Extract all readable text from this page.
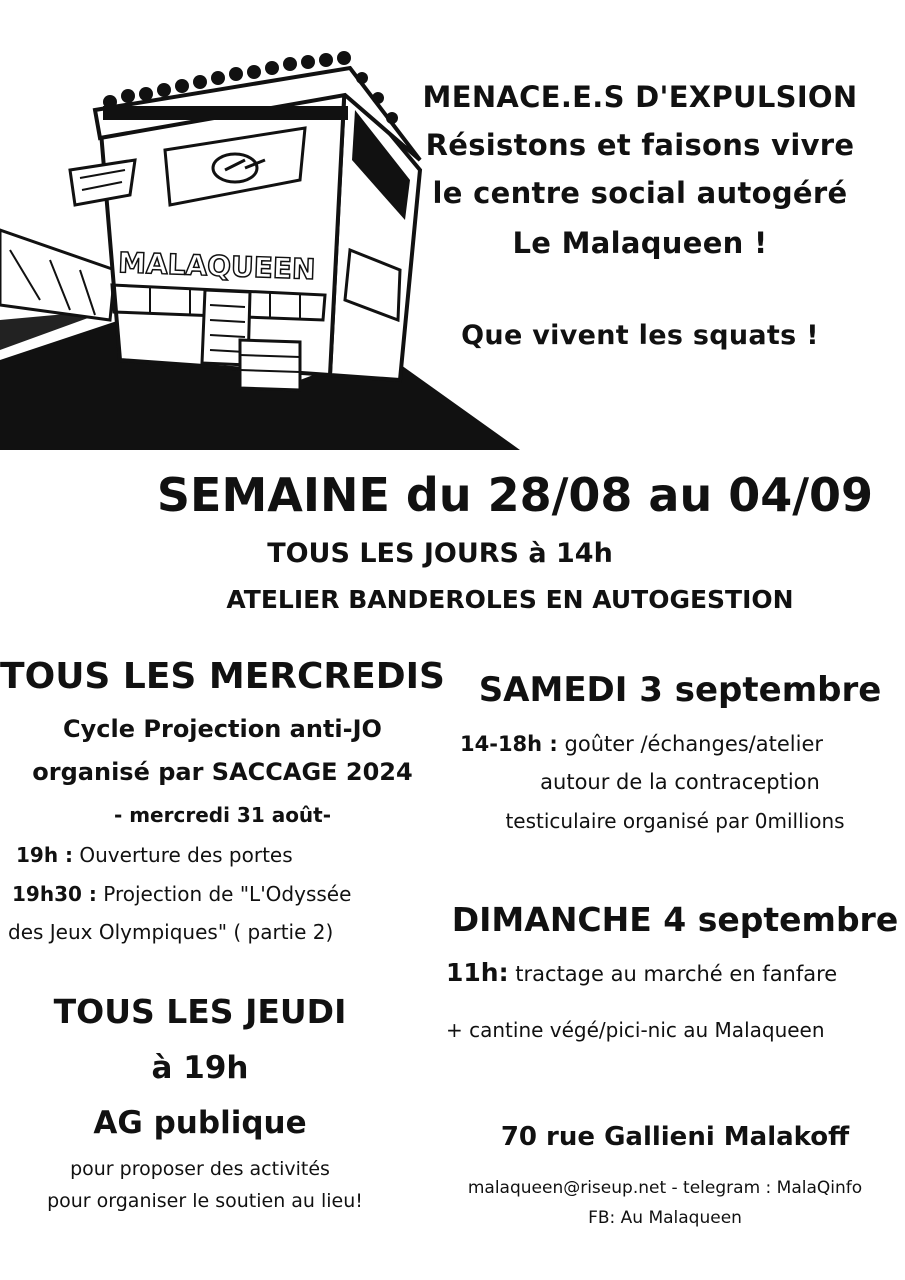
MALAQUEEN
MENACE.E.S D'EXPULSION
Résistons et faisons vivre
le centre social autogéré
Le Malaqueen !
Que vivent les squats !
SEMAINE du 28/08 au 04/09
TOUS LES JOURS à 14h
ATELIER BANDEROLES EN AUTOGESTION
TOUS LES MERCREDIS
Cycle Projection anti-JO
organisé par SACCAGE 2024
- mercredi 31 août-
19h : Ouverture des portes
19h30 : Projection de "L'Odyssée
des Jeux Olympiques" ( partie 2)
TOUS LES JEUDI
à 19h
AG publique
pour proposer des activités
pour organiser le soutien au lieu!
SAMEDI 3 septembre
14-18h : goûter /échanges/atelier
autour de la contraception
testiculaire organisé par 0millions
DIMANCHE 4 septembre
11h: tractage au marché en fanfare
+ cantine végé/pici-nic au Malaqueen
70 rue Gallieni Malakoff
malaqueen@riseup.net - telegram : MalaQinfo
FB: Au Malaqueen
